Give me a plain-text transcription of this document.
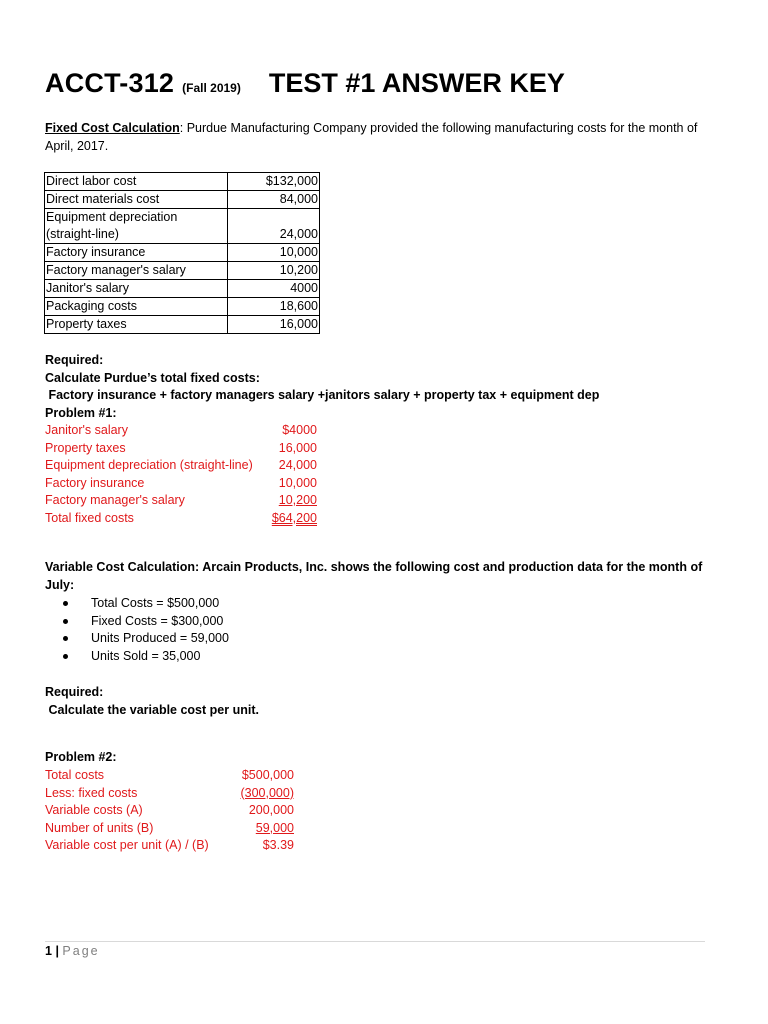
ACCT-312 (Fall 2019) TEST #1 ANSWER KEY
Fixed Cost Calculation: Purdue Manufacturing Company provided the following manufacturing costs for the month of April, 2017.
Direct labor cost	$132,000
Direct materials cost	84,000

Equipment depreciation
(straight-line)	24,000
Factory insurance	10,000
Factory manager's salary	10,200
Janitor's salary	4000
Packaging costs	18,600
Property taxes	16,000
Required:
Calculate Purdue’s total fixed costs:
Factory insurance + factory managers salary +janitors salary + property tax + equipment dep
Problem #1:
Janitor's salary	$4000
Property taxes	16,000
Equipment depreciation (straight-line)	24,000
Factory insurance	10,000
Factory manager's salary	10,200
Total fixed costs	$64,200
Variable Cost Calculation: Arcain Products, Inc. shows the following cost and production data for the month of July:
Total Costs = $500,000
Fixed Costs = $300,000
Units Produced = 59,000
Units Sold = 35,000
Required:
Calculate the variable cost per unit.
Problem #2:
Total costs	$500,000
Less: fixed costs	(300,000)
Variable costs (A)	200,000
Number of units (B)	59,000
Variable cost per unit (A) / (B)	$3.39
1 | Page
